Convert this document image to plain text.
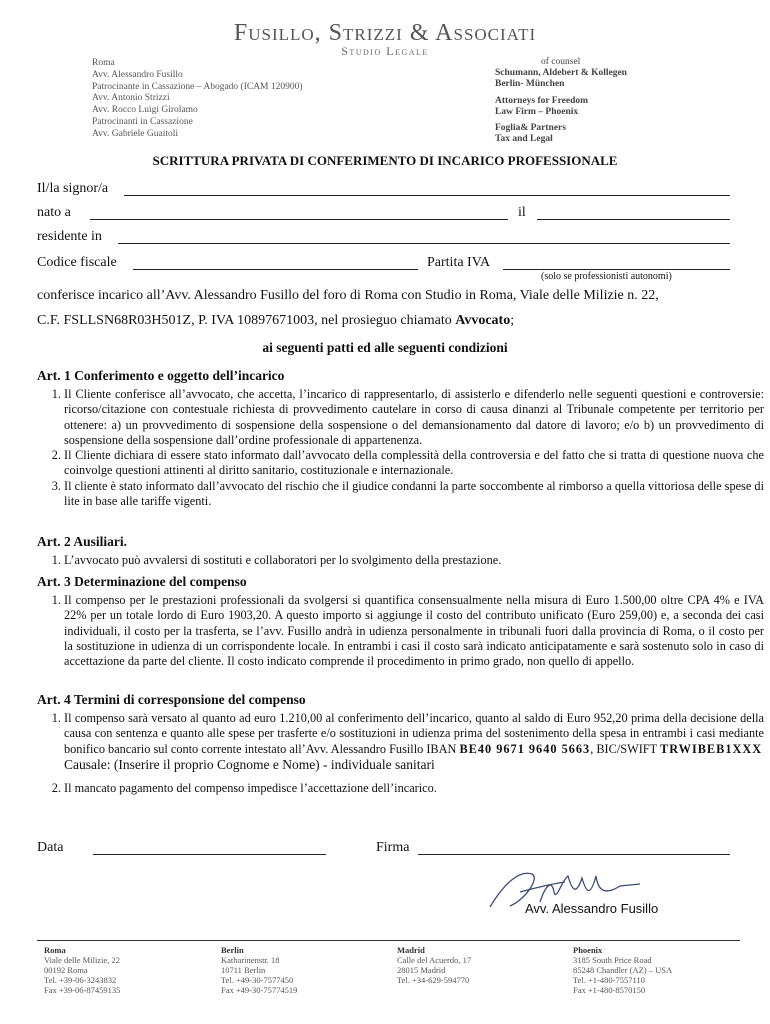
Fusillo, Strizzi & Associati
Studio Legale
Roma
Avv. Alessandro Fusillo
Patrocinante in Cassazione – Abogado (ICAM 120900)
Avv. Antonio Strizzi
Avv. Rocco Luigi Girolamo
Patrocinanti in Cassazione
Avv. Gabriele Guaitoli
of counsel
Schumann, Aldebert & Kollegen
Berlin- München
Attorneys for Freedom
Law Firm – Phoenix
Foglia& Partners
Tax and Legal
SCRITTURA PRIVATA DI CONFERIMENTO DI INCARICO PROFESSIONALE
Il/la signor/a
nato a	il
residente in
Codice fiscale	Partita IVA
(solo se professionisti autonomi)
conferisce incarico all’Avv. Alessandro Fusillo del foro di Roma con Studio in Roma, Viale delle Milizie n. 22,
C.F. FSLLSN68R03H501Z, P. IVA 10897671003, nel prosieguo chiamato Avvocato;
ai seguenti patti ed alle seguenti condizioni
Art. 1 Conferimento e oggetto dell’incarico
1. Il Cliente conferisce all’avvocato, che accetta, l’incarico di rappresentarlo, di assisterlo e difenderlo nelle seguenti questioni e controversie: ricorso/citazione con contestuale richiesta di provvedimento cautelare in corso di causa dinanzi al Tribunale competente per territorio per ottenere: a) un provvedimento di sospensione della sospensione o del demansionamento dal datore di lavoro; e/o b) un provvedimento di sospensione della sospensione dall’ordine professionale di appartenenza.
2. Il Cliente dichiara di essere stato informato dall’avvocato della complessità della controversia e del fatto che si tratta di questione nuova che coinvolge questioni attinenti al diritto sanitario, costituzionale e internazionale.
3. Il cliente è stato informato dall’avvocato del rischio che il giudice condanni la parte soccombente al rimborso a quella vittoriosa delle spese di lite in base alle tariffe vigenti.
Art. 2 Ausiliari.
1. L’avvocato può avvalersi di sostituti e collaboratori per lo svolgimento della prestazione.
Art. 3 Determinazione del compenso
1. Il compenso per le prestazioni professionali da svolgersi si quantifica consensualmente nella misura di Euro 1.500,00 oltre CPA 4% e IVA 22% per un totale lordo di Euro 1903,20. A questo importo si aggiunge il costo del contributo unificato (Euro 259,00) e, a seconda dei casi individuali, il costo per la trasferta, se l’avv. Fusillo andrà in udienza personalmente in tribunali fuori dalla provincia di Roma, o il costo per la sostituzione in udienza di un corrispondente locale. In entrambi i casi il costo sarà indicato anticipatamente e sarà sostenuto solo in caso di accettazione da parte del cliente. Il costo indicato comprende il procedimento in primo grado, non quello di appello.
Art. 4 Termini di corresponsione del compenso
1. Il compenso sarà versato al quanto ad euro 1.210,00 al conferimento dell’incarico, quanto al saldo di Euro 952,20 prima della decisione della causa con sentenza e quanto alle spese per trasferte e/o sostituzioni in udienza prima del sostenimento della spesa in entrambi i casi mediante bonifico bancario sul conto corrente intestato all’Avv. Alessandro Fusillo IBAN BE40 9671 9640 5663, BIC/SWIFT TRWIBEB1XXX
Causale: (Inserire il proprio Cognome e Nome) - individuale sanitari
2. Il mancato pagamento del compenso impedisce l’accettazione dell’incarico.
Data	Firma
Avv. Alessandro Fusillo
Roma
Viale delle Milizie, 22
00192 Roma
Tel. +39-06-3243832
Fax +39-06-87459135
Berlin
Katharinenstr. 18
10711 Berlin
Tel. +49-30-7577450
Fax +49-30-75774519
Madrid
Calle del Acuerdo, 17
28015 Madrid
Tel. +34-629-594770
Phoenix
3185 South Price Road
85248 Chandler (AZ) – USA
Tel. +1-480-7557110
Fax +1-480-8570150
